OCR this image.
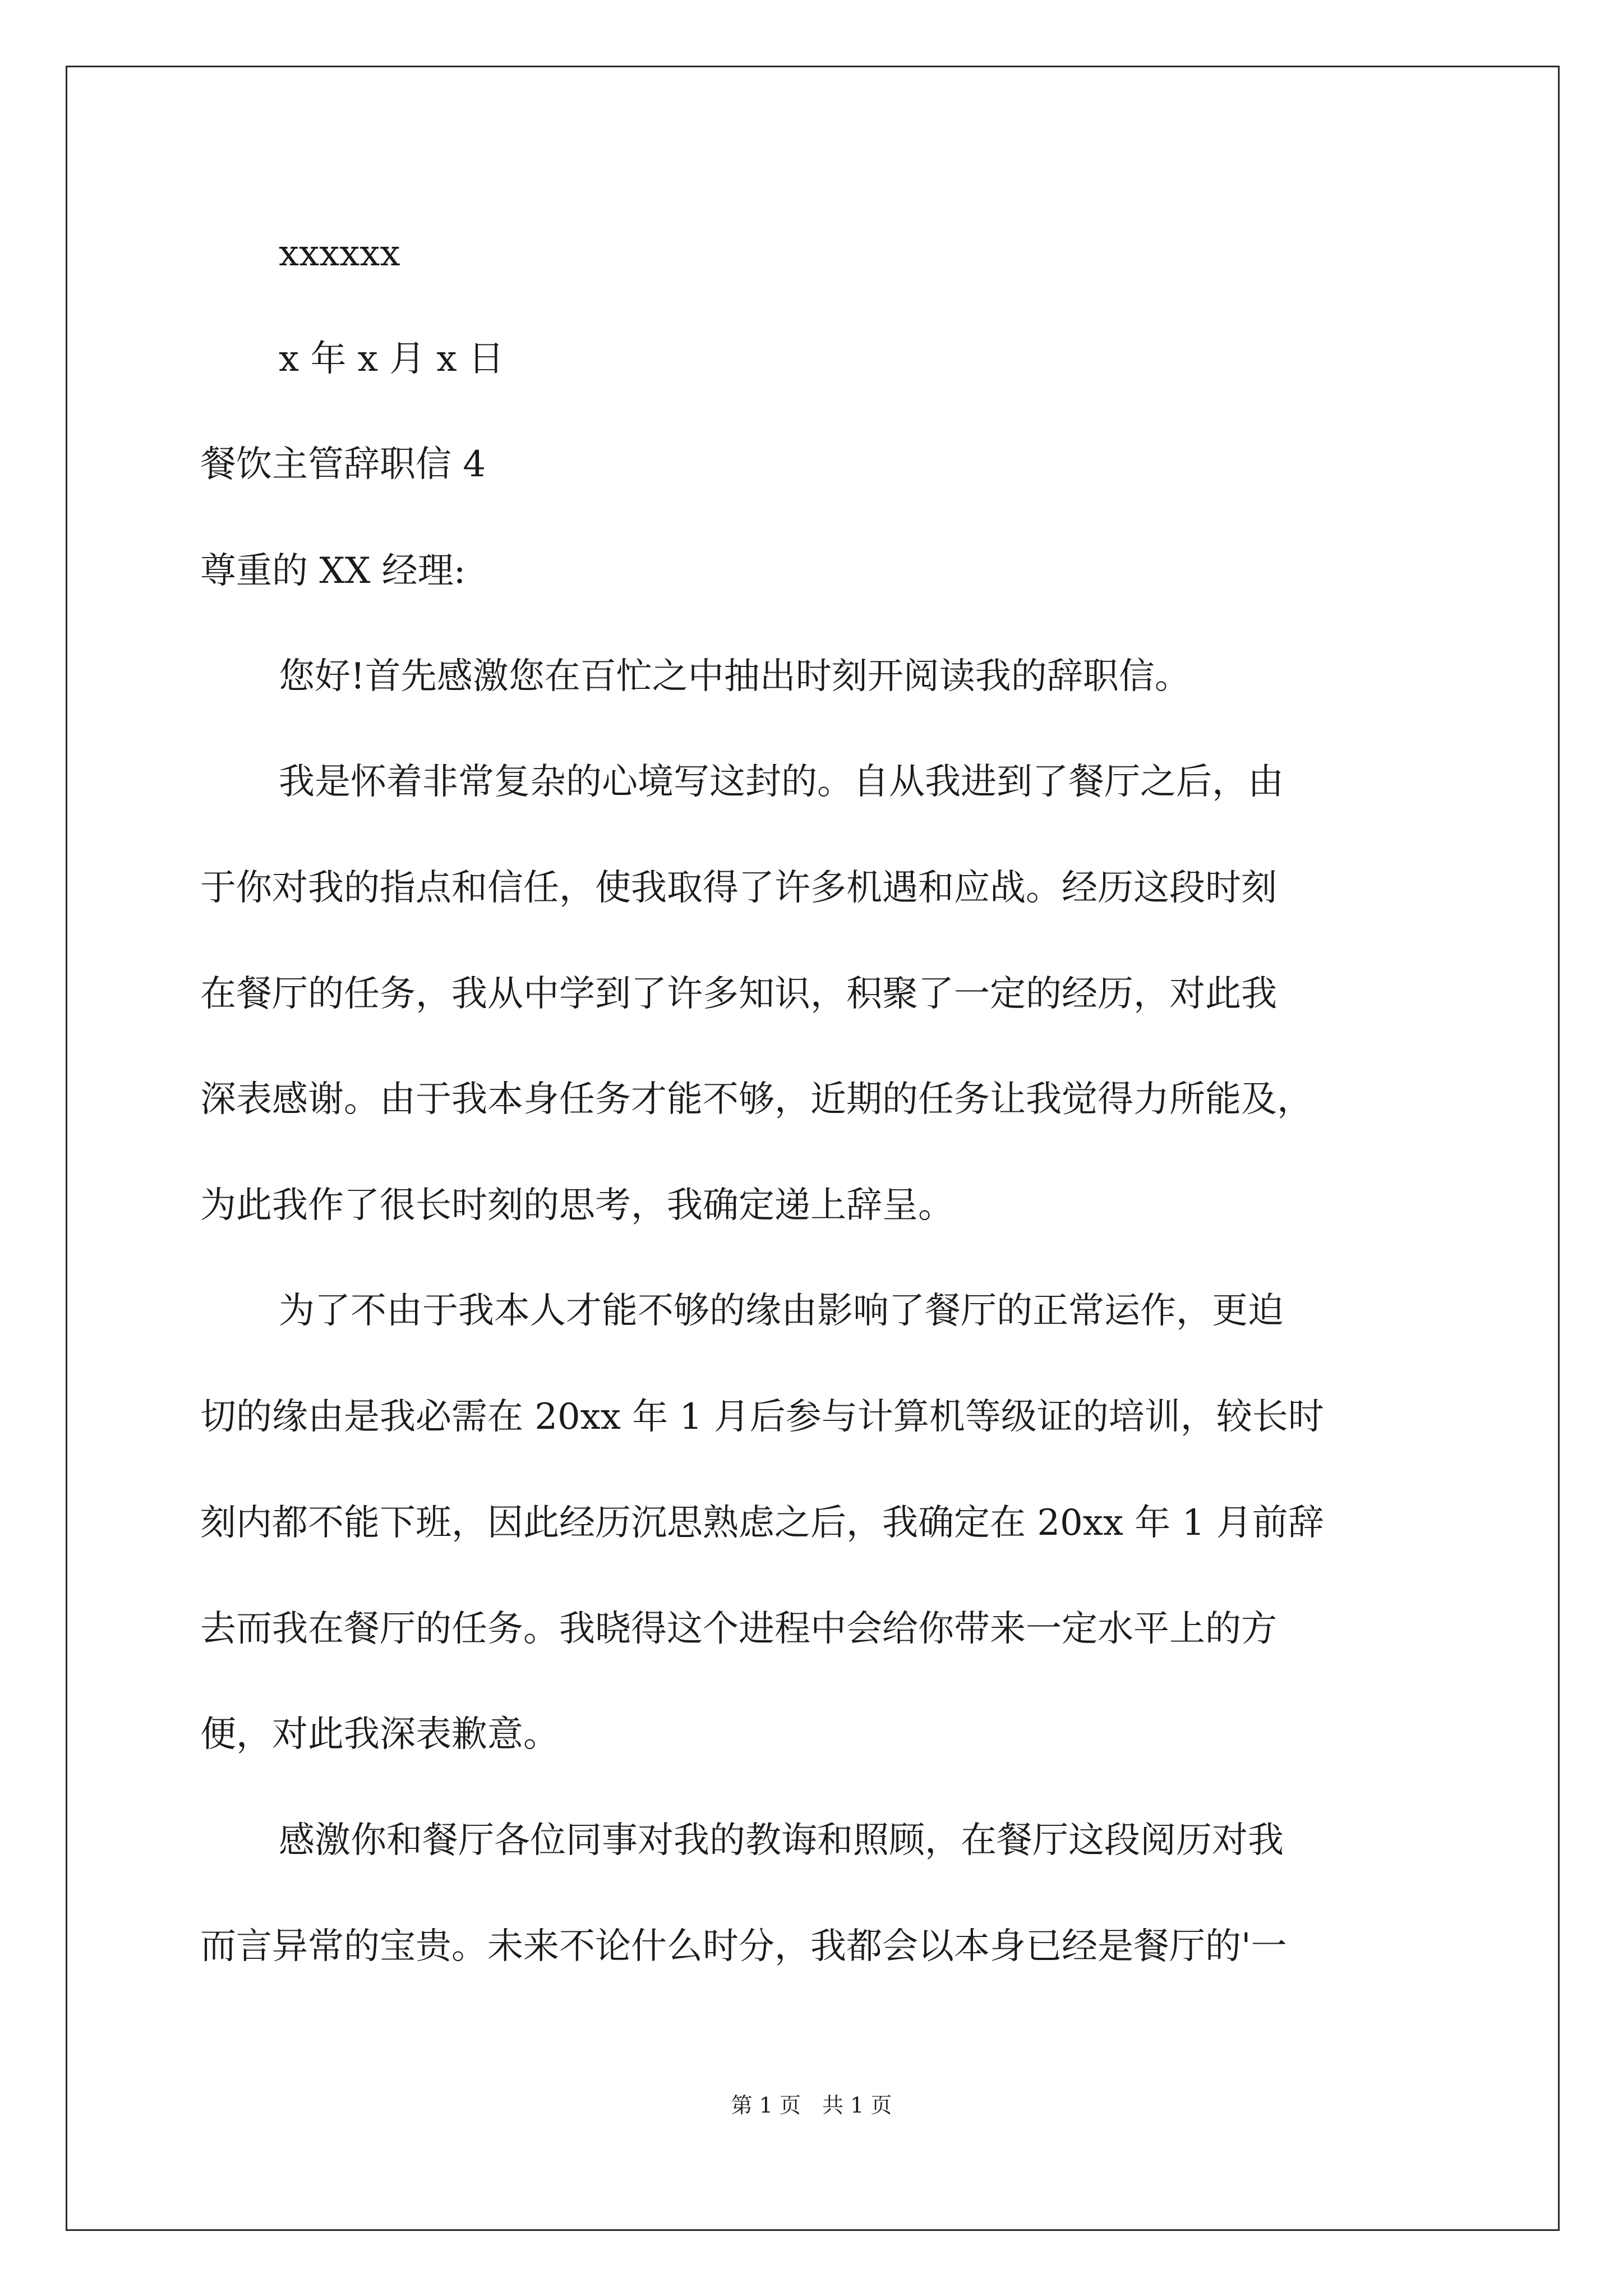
xxxxxx
x 年 x 月 x 日
餐饮主管辞职信 4
尊重的 XX 经理:
您好!首先感激您在百忙之中抽出时刻开阅读我的辞职信。
我是怀着非常复杂的心境写这封的。自从我进到了餐厅之后，由
于你对我的指点和信任，使我取得了许多机遇和应战。经历这段时刻
在餐厅的任务，我从中学到了许多知识，积聚了一定的经历，对此我
深表感谢。由于我本身任务才能不够，近期的任务让我觉得力所能及，
为此我作了很长时刻的思考，我确定递上辞呈。
为了不由于我本人才能不够的缘由影响了餐厅的正常运作，更迫
切的缘由是我必需在 20xx 年 1 月后参与计算机等级证的培训，较长时
刻内都不能下班，因此经历沉思熟虑之后，我确定在 20xx 年 1 月前辞
去而我在餐厅的任务。我晓得这个进程中会给你带来一定水平上的方
便，对此我深表歉意。
感激你和餐厅各位同事对我的教诲和照顾，在餐厅这段阅历对我
而言异常的宝贵。未来不论什么时分，我都会以本身已经是餐厅的'一
第 1 页　共 1 页
